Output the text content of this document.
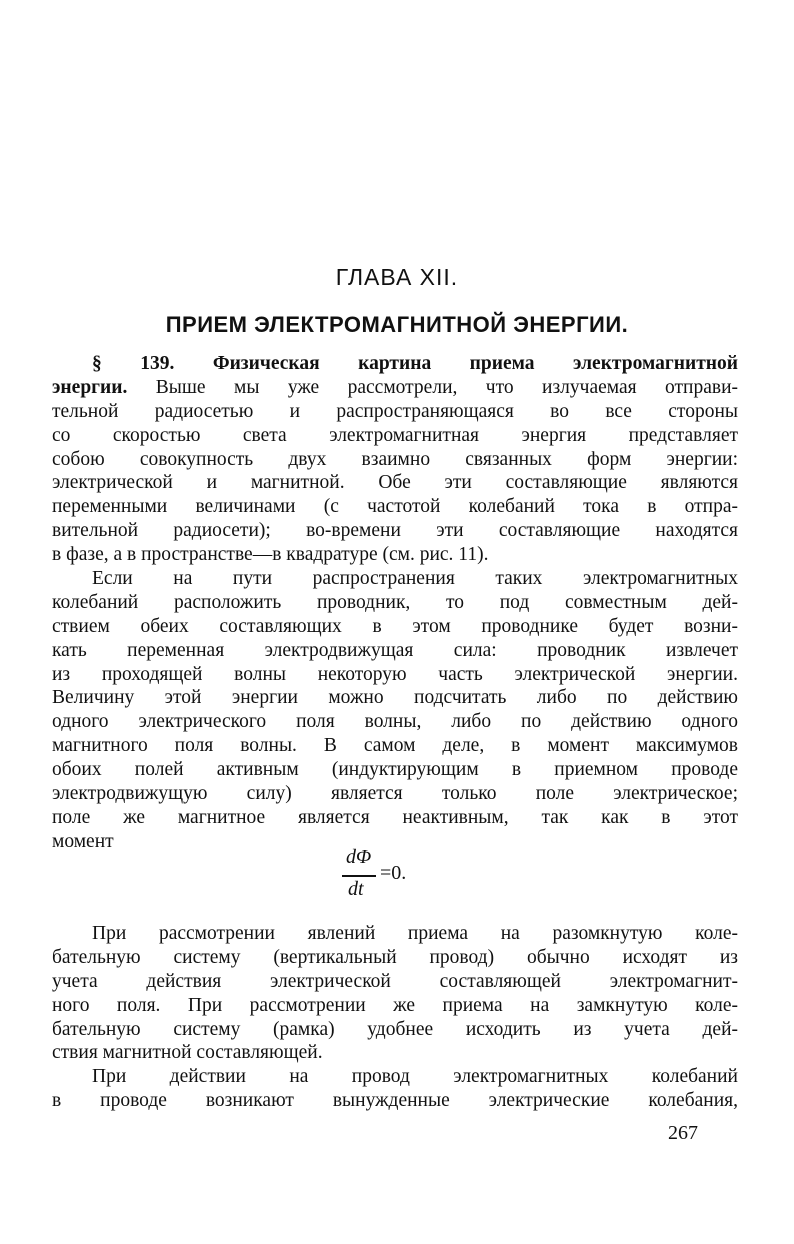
ГЛАВА XII.
ПРИЕМ ЭЛЕКТРОМАГНИТНОЙ ЭНЕРГИИ.
§ 139. Физическая картина приема электромагнитной
энергии. Выше мы уже рассмотрели, что излучаемая отправи-
тельной радиосетью и распространяющаяся во все стороны
со скоростью света электромагнитная энергия представляет
собою совокупность двух взаимно связанных форм энергии:
электрической и магнитной. Обе эти составляющие являются
переменными величинами (с частотой колебаний тока в отпра-
вительной радиосети); во-времени эти составляющие находятся
в фазе, а в пространстве—в квадратуре (см. рис. 11).
Если на пути распространения таких электромагнитных
колебаний расположить проводник, то под совместным дей-
ствием обеих составляющих в этом проводнике будет возни-
кать переменная электродвижущая сила: проводник извлечет
из проходящей волны некоторую часть электрической энергии.
Величину этой энергии можно подсчитать либо по действию
одного электрического поля волны, либо по действию одного
магнитного поля волны. В самом деле, в момент максимумов
обоих полей активным (индуктирующим в приемном проводе
электродвижущую силу) является только поле электрическое;
поле же магнитное является неактивным, так как в этот
момент
dΦ
dt
=0.
При рассмотрении явлений приема на разомкнутую коле-
бательную систему (вертикальный провод) обычно исходят из
учета действия электрической составляющей электромагнит-
ного поля. При рассмотрении же приема на замкнутую коле-
бательную систему (рамка) удобнее исходить из учета дей-
ствия магнитной составляющей.
При действии на провод электромагнитных колебаний
в проводе возникают вынужденные электрические колебания,
267
